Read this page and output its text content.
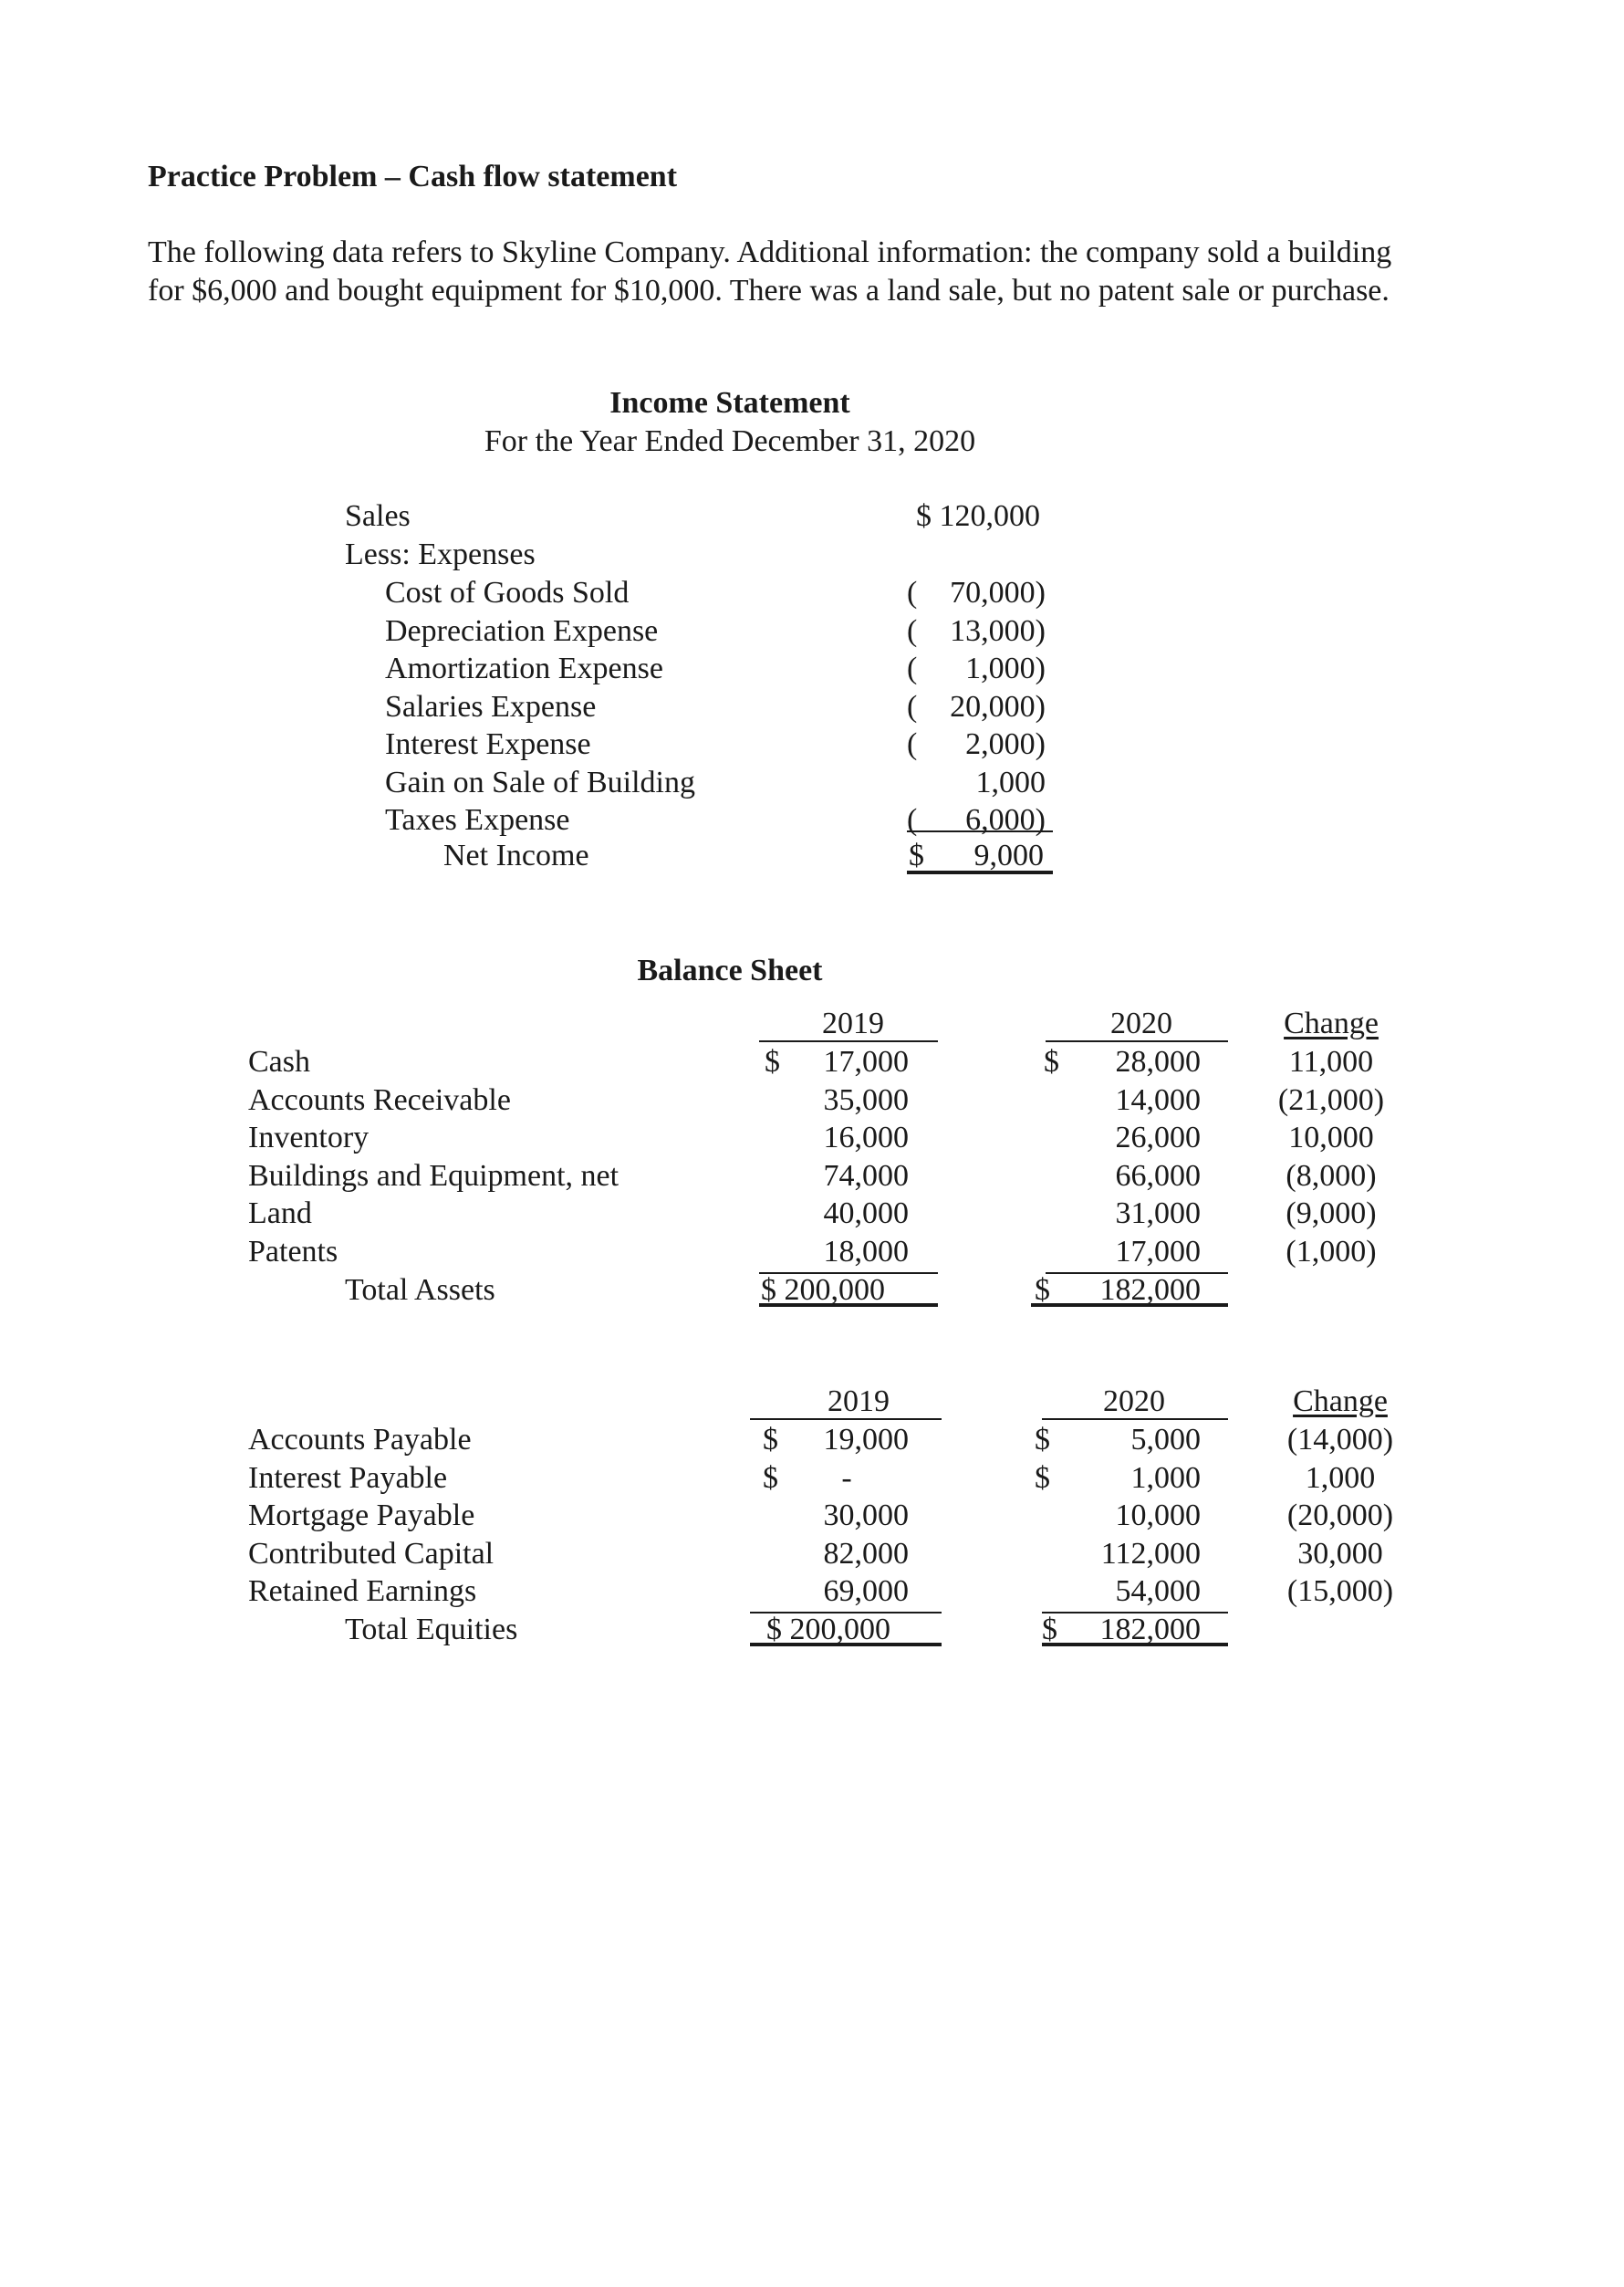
Practice Problem – Cash flow statement
The following data refers to Skyline Company. Additional information: the company sold a building for $6,000 and bought equipment for $10,000. There was a land sale, but no patent sale or purchase.
Income Statement
For the Year Ended December 31, 2020
Sales	$ 120,000
Less: Expenses
Cost of Goods Sold	(	70,000)
Depreciation Expense	(	13,000)
Amortization Expense	(	1,000)
Salaries Expense	(	20,000)
Interest Expense	(	2,000)
Gain on Sale of Building	1,000
Taxes Expense	(	6,000)
Net Income	$	9,000
Balance Sheet
2019	2020	Change
Cash	$	17,000	$	28,000	11,000
Accounts Receivable	35,000	14,000 (21,000)
Inventory	16,000	26,000	10,000
Buildings and Equipment, net	74,000	66,000	(8,000)
Land	40,000	31,000	(9,000)
Patents	18,000	17,000	(1,000)
Total Assets	$ 200,000	$	182,000
2019	2020	Change
Accounts Payable	$	19,000	$	5,000	(14,000)
Interest Payable	$	-	$	1,000	1,000
Mortgage Payable	30,000	10,000	(20,000)
Contributed Capital	82,000	112,000	30,000
Retained Earnings	69,000	54,000	(15,000)
Total Equities	$ 200,000	$	182,000
